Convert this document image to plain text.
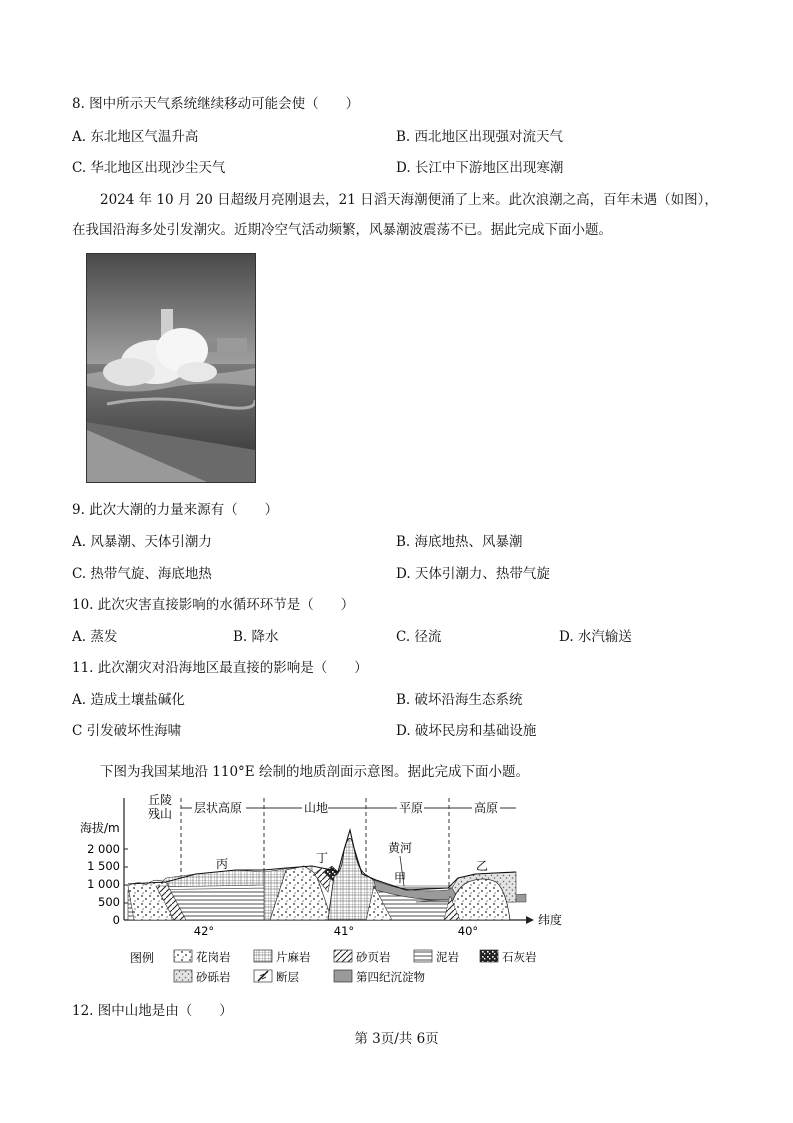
8. 图中所示天气系统继续移动可能会使（　　）
A. 东北地区气温升高	B. 西北地区出现强对流天气
C. 华北地区出现沙尘天气	D. 长江中下游地区出现寒潮
2024 年 10 月 20 日超级月亮刚退去，21 日滔天海潮便涌了上来。此次浪潮之高，百年未遇（如图），
在我国沿海多处引发潮灾。近期冷空气活动频繁，风暴潮波震荡不已。据此完成下面小题。
9. 此次大潮的力量来源有（　　）
A. 风暴潮、天体引潮力	B. 海底地热、风暴潮
C. 热带气旋、海底地热	D. 天体引潮力、热带气旋
10. 此次灾害直接影响的水循环环节是（　　）
A. 蒸发	B. 降水	C. 径流	D. 水汽输送
11. 此次潮灾对沿海地区最直接的影响是（　　）
A. 造成土壤盐碱化	B. 破坏沿海生态系统
C 引发破坏性海啸	D. 破坏民房和基础设施
下图为我国某地沿 110°E 绘制的地质剖面示意图。据此完成下面小题。
丘陵
残山 层状高原	山地	平原	高原
海拔/m
2 000
1 500
1 000
500
0
42°	41°	40°
纬度
丙	丁
黄河
甲
乙
图例	花岗岩	片麻岩	砂页岩	泥岩	石灰岩
砂砾岩	断层	第四纪沉淀物
12. 图中山地是由（　　）
第 3页/共 6页
